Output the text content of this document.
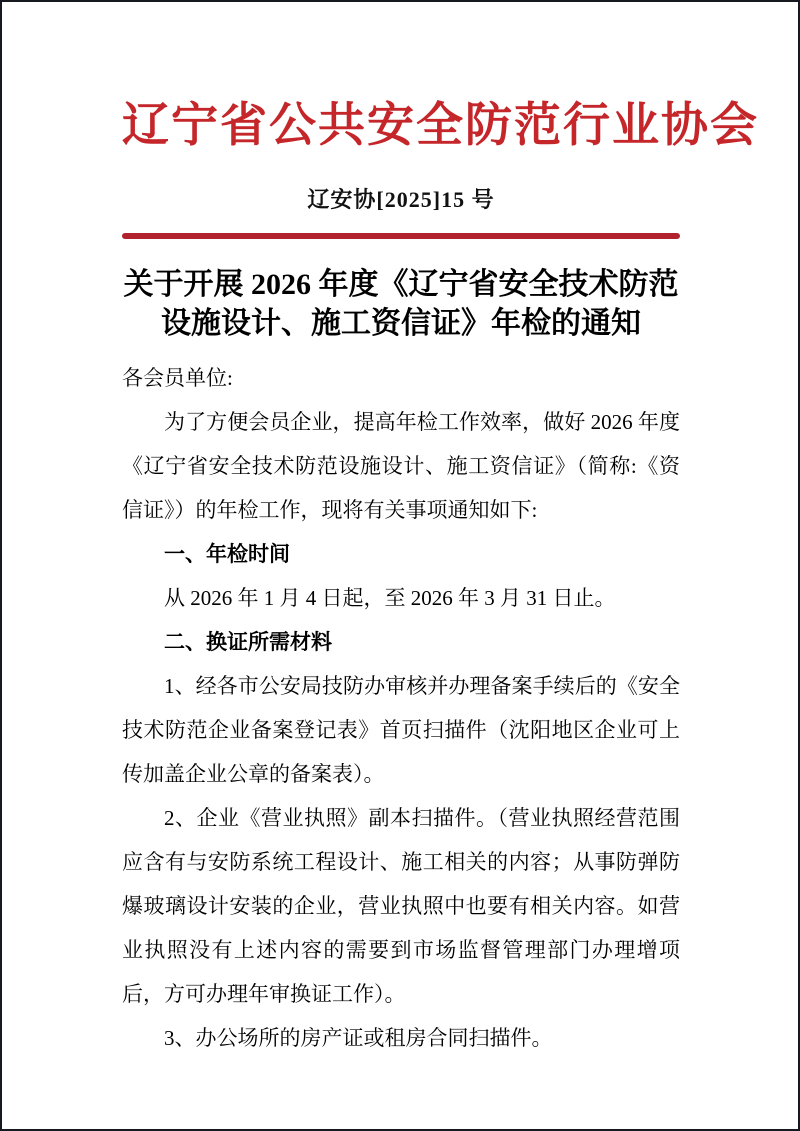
辽宁省公共安全防范行业协会
辽安协[2025]15 号
关于开展 2026 年度《辽宁省安全技术防范
设施设计、施工资信证》年检的通知

各会员单位:

为了方便会员企业，提高年检工作效率，做好 2026 年度《辽宁省安全技术防范设施设计、施工资信证》（简称:《资信证》）的年检工作，现将有关事项通知如下:

一、年检时间

从 2026 年 1 月 4 日起，至 2026 年 3 月 31 日止。

二、换证所需材料

1、经各市公安局技防办审核并办理备案手续后的《安全技术防范企业备案登记表》首页扫描件（沈阳地区企业可上传加盖企业公章的备案表）。

2、企业《营业执照》副本扫描件。（营业执照经营范围应含有与安防系统工程设计、施工相关的内容；从事防弹防爆玻璃设计安装的企业，营业执照中也要有相关内容。如营业执照没有上述内容的需要到市场监督管理部门办理增项后，方可办理年审换证工作）。

3、办公场所的房产证或租房合同扫描件。
